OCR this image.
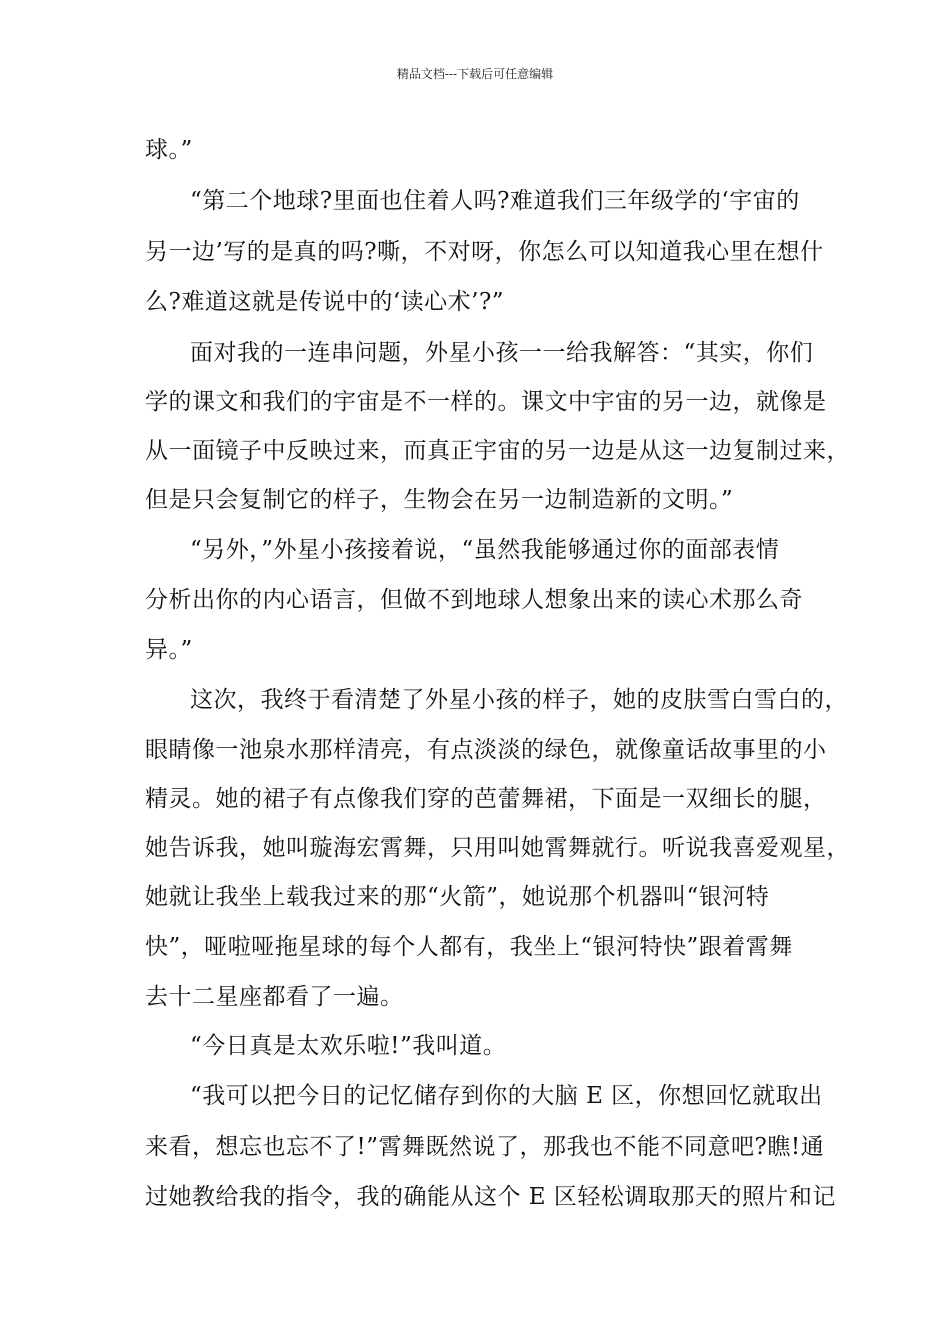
精品文档---下载后可任意编辑
球。”
“第二个地球?里面也住着人吗?难道我们三年级学的‘宇宙的
另一边’写的是真的吗?嘶，不对呀，你怎么可以知道我心里在想什
么?难道这就是传说中的‘读心术’?”
面对我的一连串问题，外星小孩一一给我解答：“其实，你们
学的课文和我们的宇宙是不一样的。课文中宇宙的另一边，就像是
从一面镜子中反映过来，而真正宇宙的另一边是从这一边复制过来，
但是只会复制它的样子，生物会在另一边制造新的文明。”
“另外，”外星小孩接着说，“虽然我能够通过你的面部表情
分析出你的内心语言，但做不到地球人想象出来的读心术那么奇
异。”
这次，我终于看清楚了外星小孩的样子，她的皮肤雪白雪白的，
眼睛像一池泉水那样清亮，有点淡淡的绿色，就像童话故事里的小
精灵。她的裙子有点像我们穿的芭蕾舞裙，下面是一双细长的腿，
她告诉我，她叫璇海宏霄舞，只用叫她霄舞就行。听说我喜爱观星，
她就让我坐上载我过来的那“火箭”，她说那个机器叫“银河特
快”，哑啦哑拖星球的每个人都有，我坐上“银河特快”跟着霄舞
去十二星座都看了一遍。
“今日真是太欢乐啦!”我叫道。
“我可以把今日的记忆储存到你的大脑 E 区，你想回忆就取出
来看，想忘也忘不了!”霄舞既然说了，那我也不能不同意吧?瞧!通
过她教给我的指令，我的确能从这个 E 区轻松调取那天的照片和记
